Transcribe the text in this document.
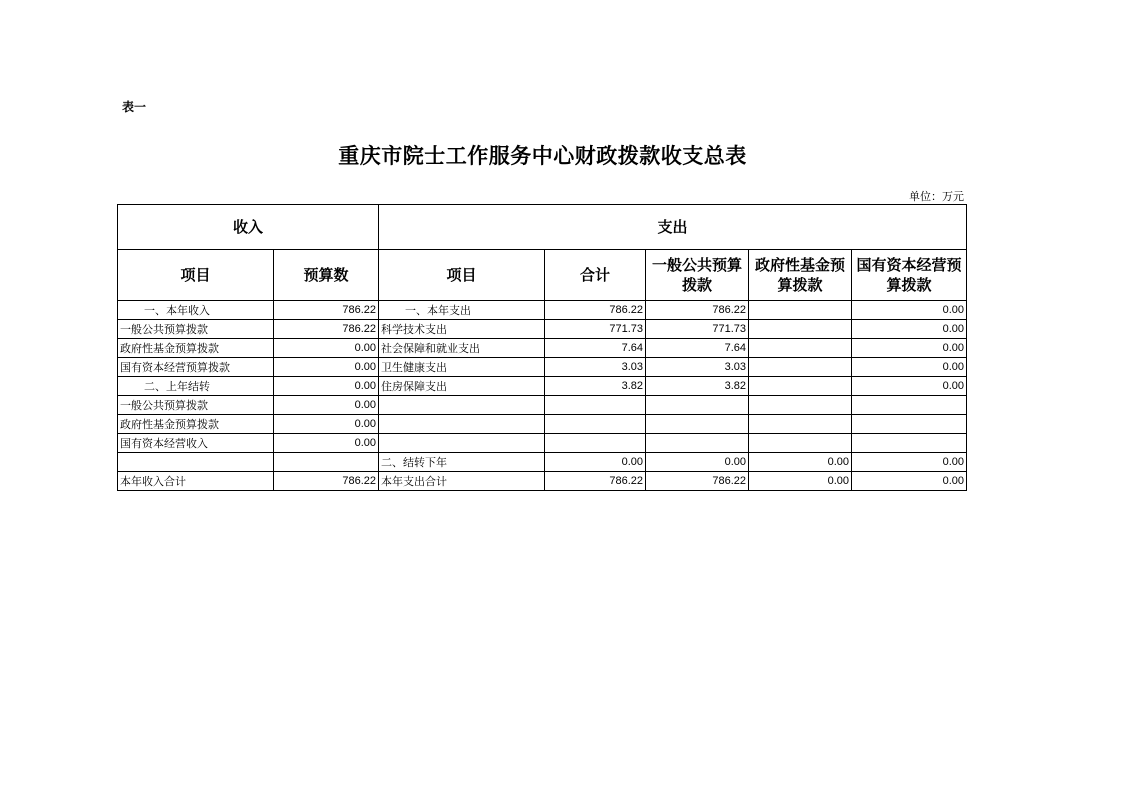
表一
重庆市院士工作服务中心财政拨款收支总表
单位：万元
收入		支出				
项目	预算数	项目	合计	一般公共预算拨款	政府性基金预算拨款	国有资本经营预算拨款
一、本年收入	786.22	一、本年支出	786.22	786.22		0.00
一般公共预算拨款	786.22	科学技术支出	771.73	771.73		0.00
政府性基金预算拨款	0.00	社会保障和就业支出	7.64	7.64		0.00
国有资本经营预算拨款	0.00	卫生健康支出	3.03	3.03		0.00
二、上年结转	0.00	住房保障支出	3.82	3.82		0.00
一般公共预算拨款	0.00					
政府性基金预算拨款	0.00					
国有资本经营收入	0.00					
		二、结转下年	0.00	0.00	0.00	0.00
本年收入合计	786.22	本年支出合计	786.22	786.22	0.00	0.00
